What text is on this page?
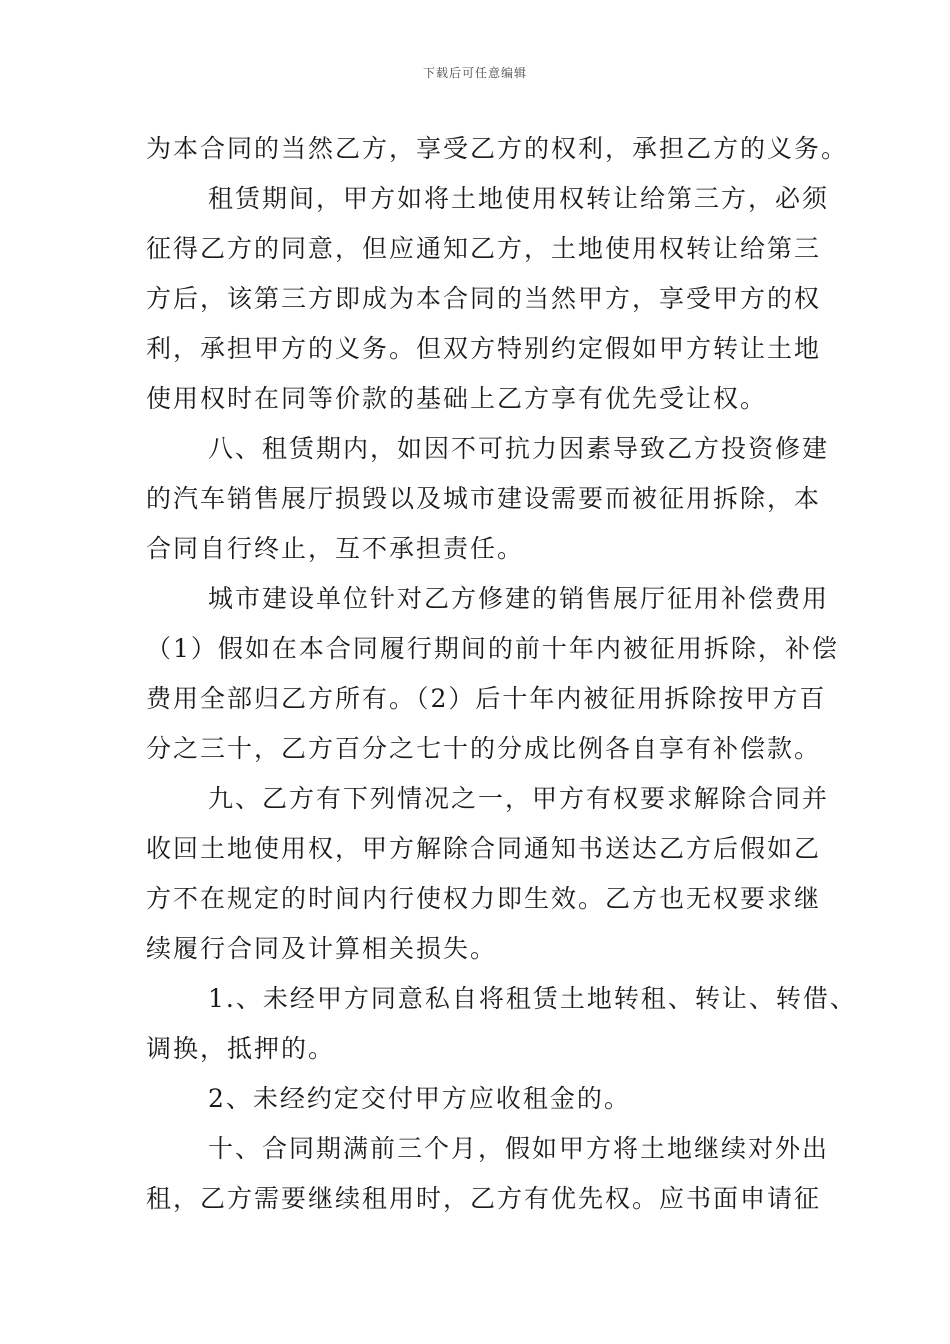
下载后可任意编辑
为本合同的当然乙方，享受乙方的权利，承担乙方的义务。
租赁期间，甲方如将土地使用权转让给第三方，必须
征得乙方的同意，但应通知乙方，土地使用权转让给第三
方后，该第三方即成为本合同的当然甲方，享受甲方的权
利，承担甲方的义务。但双方特别约定假如甲方转让土地
使用权时在同等价款的基础上乙方享有优先受让权。
八、租赁期内，如因不可抗力因素导致乙方投资修建
的汽车销售展厅损毁以及城市建设需要而被征用拆除，本
合同自行终止，互不承担责任。
城市建设单位针对乙方修建的销售展厅征用补偿费用
（1）假如在本合同履行期间的前十年内被征用拆除，补偿
费用全部归乙方所有。（2）后十年内被征用拆除按甲方百
分之三十，乙方百分之七十的分成比例各自享有补偿款。
九、乙方有下列情况之一，甲方有权要求解除合同并
收回土地使用权，甲方解除合同通知书送达乙方后假如乙
方不在规定的时间内行使权力即生效。乙方也无权要求继
续履行合同及计算相关损失。
1.、未经甲方同意私自将租赁土地转租、转让、转借、
调换，抵押的。
2、未经约定交付甲方应收租金的。
十、合同期满前三个月，假如甲方将土地继续对外出
租，乙方需要继续租用时，乙方有优先权。应书面申请征
